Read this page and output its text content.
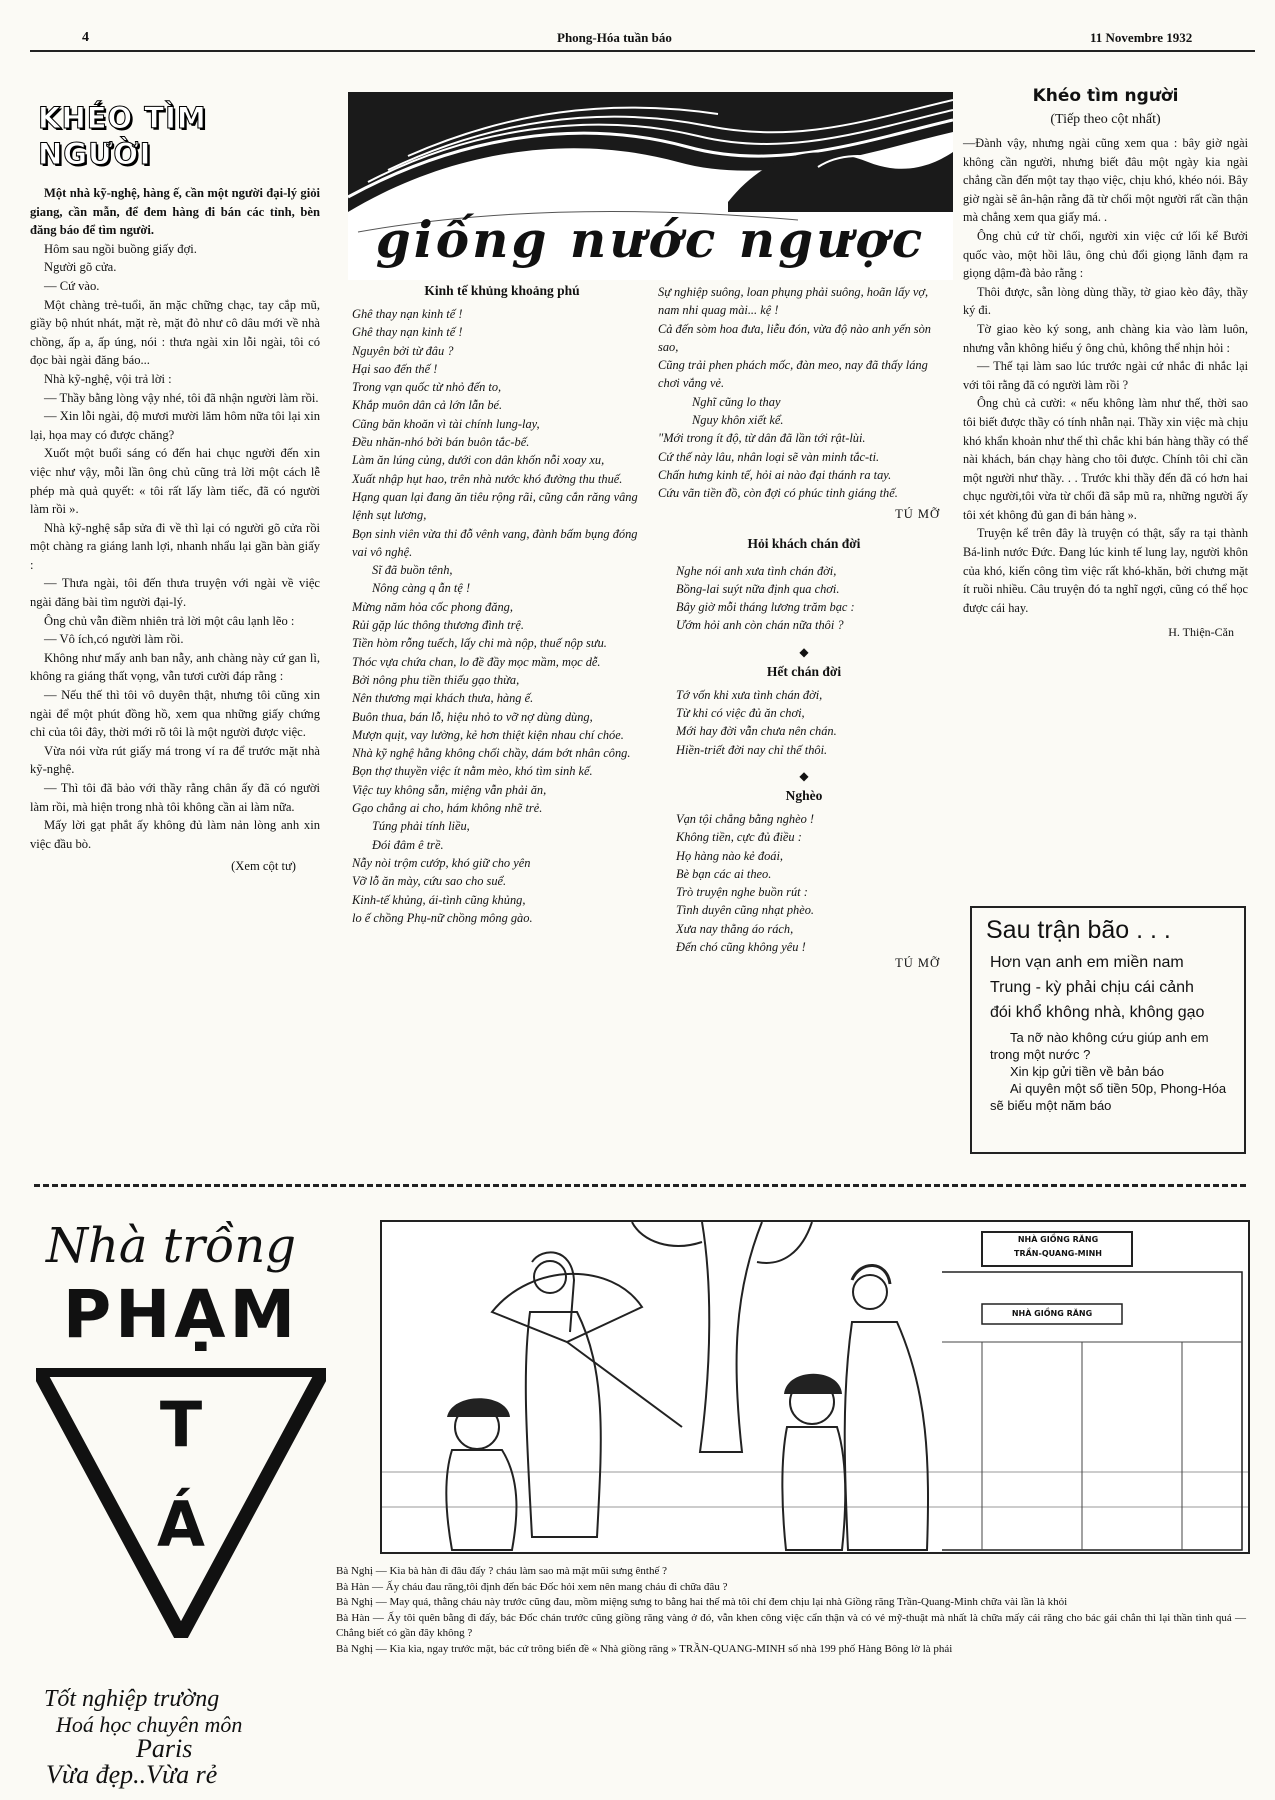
4	Phong-Hóa tuần báo	11 Novembre 1932
KHÉO TÌM NGƯỜI

Một nhà kỹ-nghệ, hàng ế, cần một người đại-lý giỏi giang, cần mẫn, để đem hàng đi bán các tỉnh, bèn đăng báo để tìm người.

Hôm sau ngồi buồng giấy đợi.

Người gõ cửa.

— Cứ vào.

Một chàng trẻ-tuổi, ăn mặc chững chạc, tay cắp mũ, giầy bộ nhút nhát, mặt rè, mặt đỏ như cô dâu mới về nhà chồng, ấp a, ấp úng, nói : thưa ngài xin lỗi ngài, tôi có đọc bài ngài đăng báo...

Nhà kỹ-nghệ, vội trả lời :

— Thầy bằng lòng vậy nhé, tôi đã nhận người làm rồi.

— Xin lỗi ngài, độ mươi mười lăm hôm nữa tôi lại xin lại, họa may có được chăng?

Xuốt một buổi sáng có đến hai chục người đến xin việc như vậy, mỗi lần ông chủ cũng trả lời một cách lễ phép mà quả quyết: « tôi rất lấy làm tiếc, đã có người làm rồi ».

Nhà kỹ-nghệ sắp sửa đi về thì lại có người gõ cửa rồi một chàng ra giáng lanh lợi, nhanh nhẩu lại gần bàn giấy :

— Thưa ngài, tôi đến thưa truyện với ngài về việc ngài đăng bài tìm người đại-lý.

Ông chủ vẫn điềm nhiên trả lời một câu lạnh lẽo :

— Vô ích,có người làm rồi.

Không như mấy anh ban nẫy, anh chàng này cứ gan lì, không ra giáng thất vọng, vẫn tươi cười đáp rằng :

— Nếu thế thì tôi vô duyên thật, nhưng tôi cũng xin ngài để một phút đồng hồ, xem qua những giấy chứng chỉ của tôi đây, thời mới rõ tôi là một người được việc.

Vừa nói vừa rút giấy má trong ví ra để trước mặt nhà kỹ-nghệ.

— Thì tôi đã bảo với thầy rằng chân ấy đã có người làm rồi, mà hiện trong nhà tôi không cần ai làm nữa.

Mấy lời gạt phắt ấy không đủ làm nản lòng anh xin việc đầu bò.

(Xem cột tư)

giống nước ngược
Kinh tế khủng khoảng phú

Ghê thay nạn kinh tế !

Ghê thay nạn kinh tế !

Nguyên bởi từ đâu ?

Hại sao đến thế !

Trong vạn quốc từ nhỏ đến to,

Khắp muôn dân cả lớn lẫn bé.

Cũng băn khoăn vì tài chính lung-lay,

Đều nhăn-nhó bởi bán buôn tắc-bế.

Làm ăn lúng củng, dưới con dân khốn nỗi xoay xu,

Xuất nhập hụt hao, trên nhà nước khó đường thu thuế.

Hạng quan lại đang ăn tiêu rộng rãi, cũng cắn răng vâng lệnh sụt lương,

Bọn sinh viên vừa thi đỗ vênh vang, đành bấm bụng đóng vai vô nghệ.

Sĩ đã buồn tênh,

Nông càng q ẫn tệ !

Mừng năm hỏa cốc phong đăng,

Rủi gặp lúc thông thương đình trệ.

Tiền hòm rỗng tuếch, lấy chi mà nộp, thuế nộp sưu.

Thóc vựa chứa chan, lo đề đầy mọc mầm, mọc dễ.

Bởi nông phu tiền thiếu gạo thừa,

Nên thương mại khách thưa, hàng ế.

Buôn thua, bán lỗ, hiệu nhỏ to vỡ nợ dùng dùng,

Mượn quịt, vay lường, kẻ hơn thiệt kiện nhau chí chóe.

Nhà kỹ nghệ hằng không chối chầy, dám bớt nhân công.

Bọn thợ thuyền việc ít nằm mèo, khó tìm sinh kế.

Việc tuy không sẵn, miệng vẫn phải ăn,

Gạo chẳng ai cho, hám không nhẽ trẻ.

Túng phải tính liều,

Đói đâm ê trề.

Nẫy nòi trộm cướp, khó giữ cho yên

Vỡ lỗ ăn mày, cứu sao cho suể.

Kinh-tế khủng, ái-tình cũng khủng,

lo ế chồng Phụ-nữ chồng mông gào.

Sự nghiệp suông, loan phụng phải suông, hoãn lấy vợ, nam nhi quag mài... kệ !

Cả đến sòm hoa đưa, liễu đón, vừa độ nào anh yến sòn sao,

Cũng trải phen phách mốc, đàn meo, nay đã thấy láng chơi vắng vẻ.

Nghĩ cũng lo thay

Nguy khôn xiết kể.

"Mới trong ít độ, từ dân đã lần tới rật-lùi.

Cứ thế này lâu, nhân loại sẽ vàn minh tắc-ti.

Chấn hưng kinh tế, hỏi ai nào đại thánh ra tay.

Cứu vãn tiền đồ, còn đợi có phúc tinh giáng thế.

TÚ MỠ

Hỏi khách chán đời

Nghe nói anh xưa tình chán đời,

Bồng-lai suýt nữa định qua chơi.

Bây giờ mỗi tháng lương trăm bạc :

Ướm hỏi anh còn chán nữa thôi ?

◆
Hết chán đời

Tớ vốn khi xưa tình chán đời,

Từ khi có việc đủ ăn chơi,

Mới hay đời vẫn chưa nên chán.

Hiền-triết đời nay chỉ thế thôi.

◆
Nghèo

Vạn tội chẳng bằng nghèo !

Không tiền, cực đủ điều :

Họ hàng nào kẻ đoái,

Bè bạn các ai theo.

Trò truyện nghe buồn rút :

Tình duyên cũng nhạt phèo.

Xưa nay thằng áo rách,

Đến chó cũng không yêu !

TÚ MỠ

Khéo tìm người
(Tiếp theo cột nhất)

—Đành vậy, nhưng ngài cũng xem qua : bây giờ ngài không cần người, nhưng biết đâu một ngày kia ngài chẳng cần đến một tay thạo việc, chịu khó, khéo nói. Bây giờ ngài sẽ ân-hận rằng đã từ chối một người rất cần thận mà chẳng xem qua giấy má. .

Ông chủ cứ từ chối, người xin việc cứ lối kể Bưởi quốc vào, một hồi lâu, ông chủ đổi giọng lãnh đạm ra giọng dậm-đà bảo rằng :

Thôi được, sẵn lòng dùng thầy, tờ giao kèo đây, thầy ký đi.

Tờ giao kèo ký song, anh chàng kia vào làm luôn, nhưng vẫn không hiểu ý ông chủ, không thể nhịn hỏi :

— Thế tại làm sao lúc trước ngài cứ nhắc đi nhắc lại với tôi rằng đã có người làm rồi ?

Ông chủ cả cười: « nếu không làm như thế, thời sao tôi biết được thầy có tính nhẫn nại. Thầy xin việc mà chịu khó khẩn khoản như thế thì chắc khi bán hàng thầy có thể nài khách, bán chạy hàng cho tôi được. Chính tôi chỉ cần một người như thầy. . . Trước khi thầy đến đã có hơn hai chục người,tôi vừa từ chối đã sắp mũ ra, những người ấy tôi xét không đủ gan đi bán hàng ».

Truyện kể trên đây là truyện có thật, sẩy ra tại thành Bá-linh nước Đức. Đang lúc kinh tế lung lay, người khôn của khó, kiến công tìm việc rất khó-khăn, bởi chưng mặt ít ruồi nhiều. Câu truyện đó ta nghĩ ngợi, cũng có thể học được cái hay.

H. Thiện-Căn

Sau trận bão . . .
Hơn vạn anh em miền nam
Trung - kỳ phải chịu cái cảnh
đói khổ không nhà, không gạo
Ta nỡ nào không cứu giúp anh em trong một nước ?
Xin kịp gửi tiền về bản báo
Ai quyên một số tiền 50p, Phong-Hóa sẽ biếu một năm báo
Nhà trồng
PHẠM
T
Á
Tốt nghiệp trường
Hoá học chuyên môn
Paris
Vừa đẹp..Vừa rẻ
NHÀ GIỒNG RĂNG
TRẦN-QUANG-MINH
NHÀ GIỒNG RĂNG

Bà Nghị — Kìa bà hàn đi đâu đấy ? cháu làm sao mà mặt mũi sưng ênthế ?

Bà Hàn — Ấy cháu đau răng,tôi định đến bác Đốc hỏi xem nên mang cháu đi chữa đâu ?

Bà Nghị — May quá, thằng cháu này trước cũng đau, mồm miệng sưng to bằng hai thế mà tôi chỉ đem chịu lại nhà Giồng răng Trần-Quang-Minh chữa vài lần là khỏi

Bà Hàn — Ấy tôi quên bằng đi đấy, bác Đốc chán trước cũng giồng răng vàng ở đó, vẫn khen công việc cẩn thận và có vẻ mỹ-thuật mà nhất là chữa mấy cái răng cho bác gái chẳn thì lại thần tình quá — Chẳng biết có gần đây không ?

Bà Nghị — Kìa kìa, ngay trước mặt, bác cứ trông biển đề « Nhà giồng răng » TRẦN-QUANG-MINH số nhà 199 phố Hàng Bông lờ là phải
